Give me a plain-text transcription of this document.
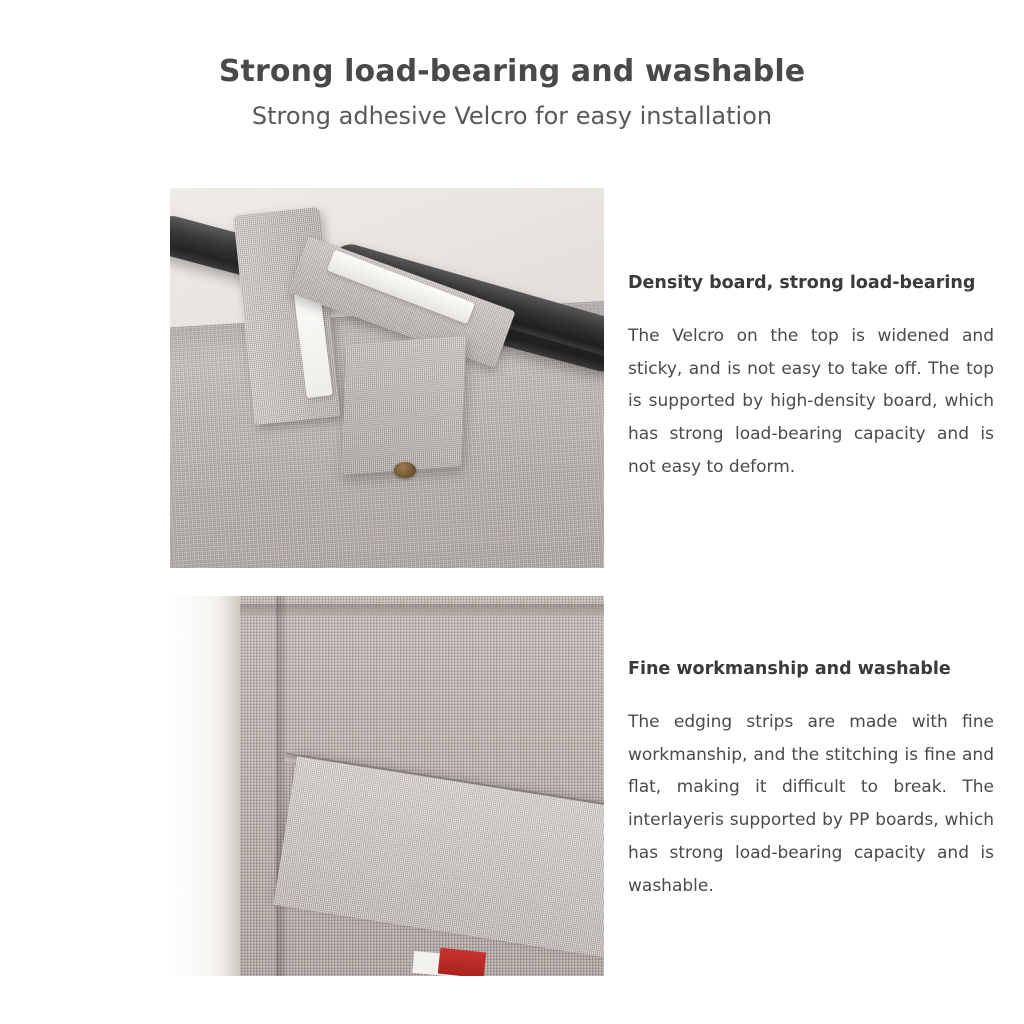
Strong load-bearing and washable
Strong adhesive Velcro for easy installation
Density board, strong load-bearing
The Velcro on the top is widened and sticky, and is not easy to take off. The top is supported by high-density board, which has strong load-bearing capacity and is not easy to deform.
Fine workmanship and washable
The edging strips are made with fine workmanship, and the stitching is fine and flat, making it difficult to break. The interlayeris supported by PP boards, which has strong load-bearing capacity and is washable.
